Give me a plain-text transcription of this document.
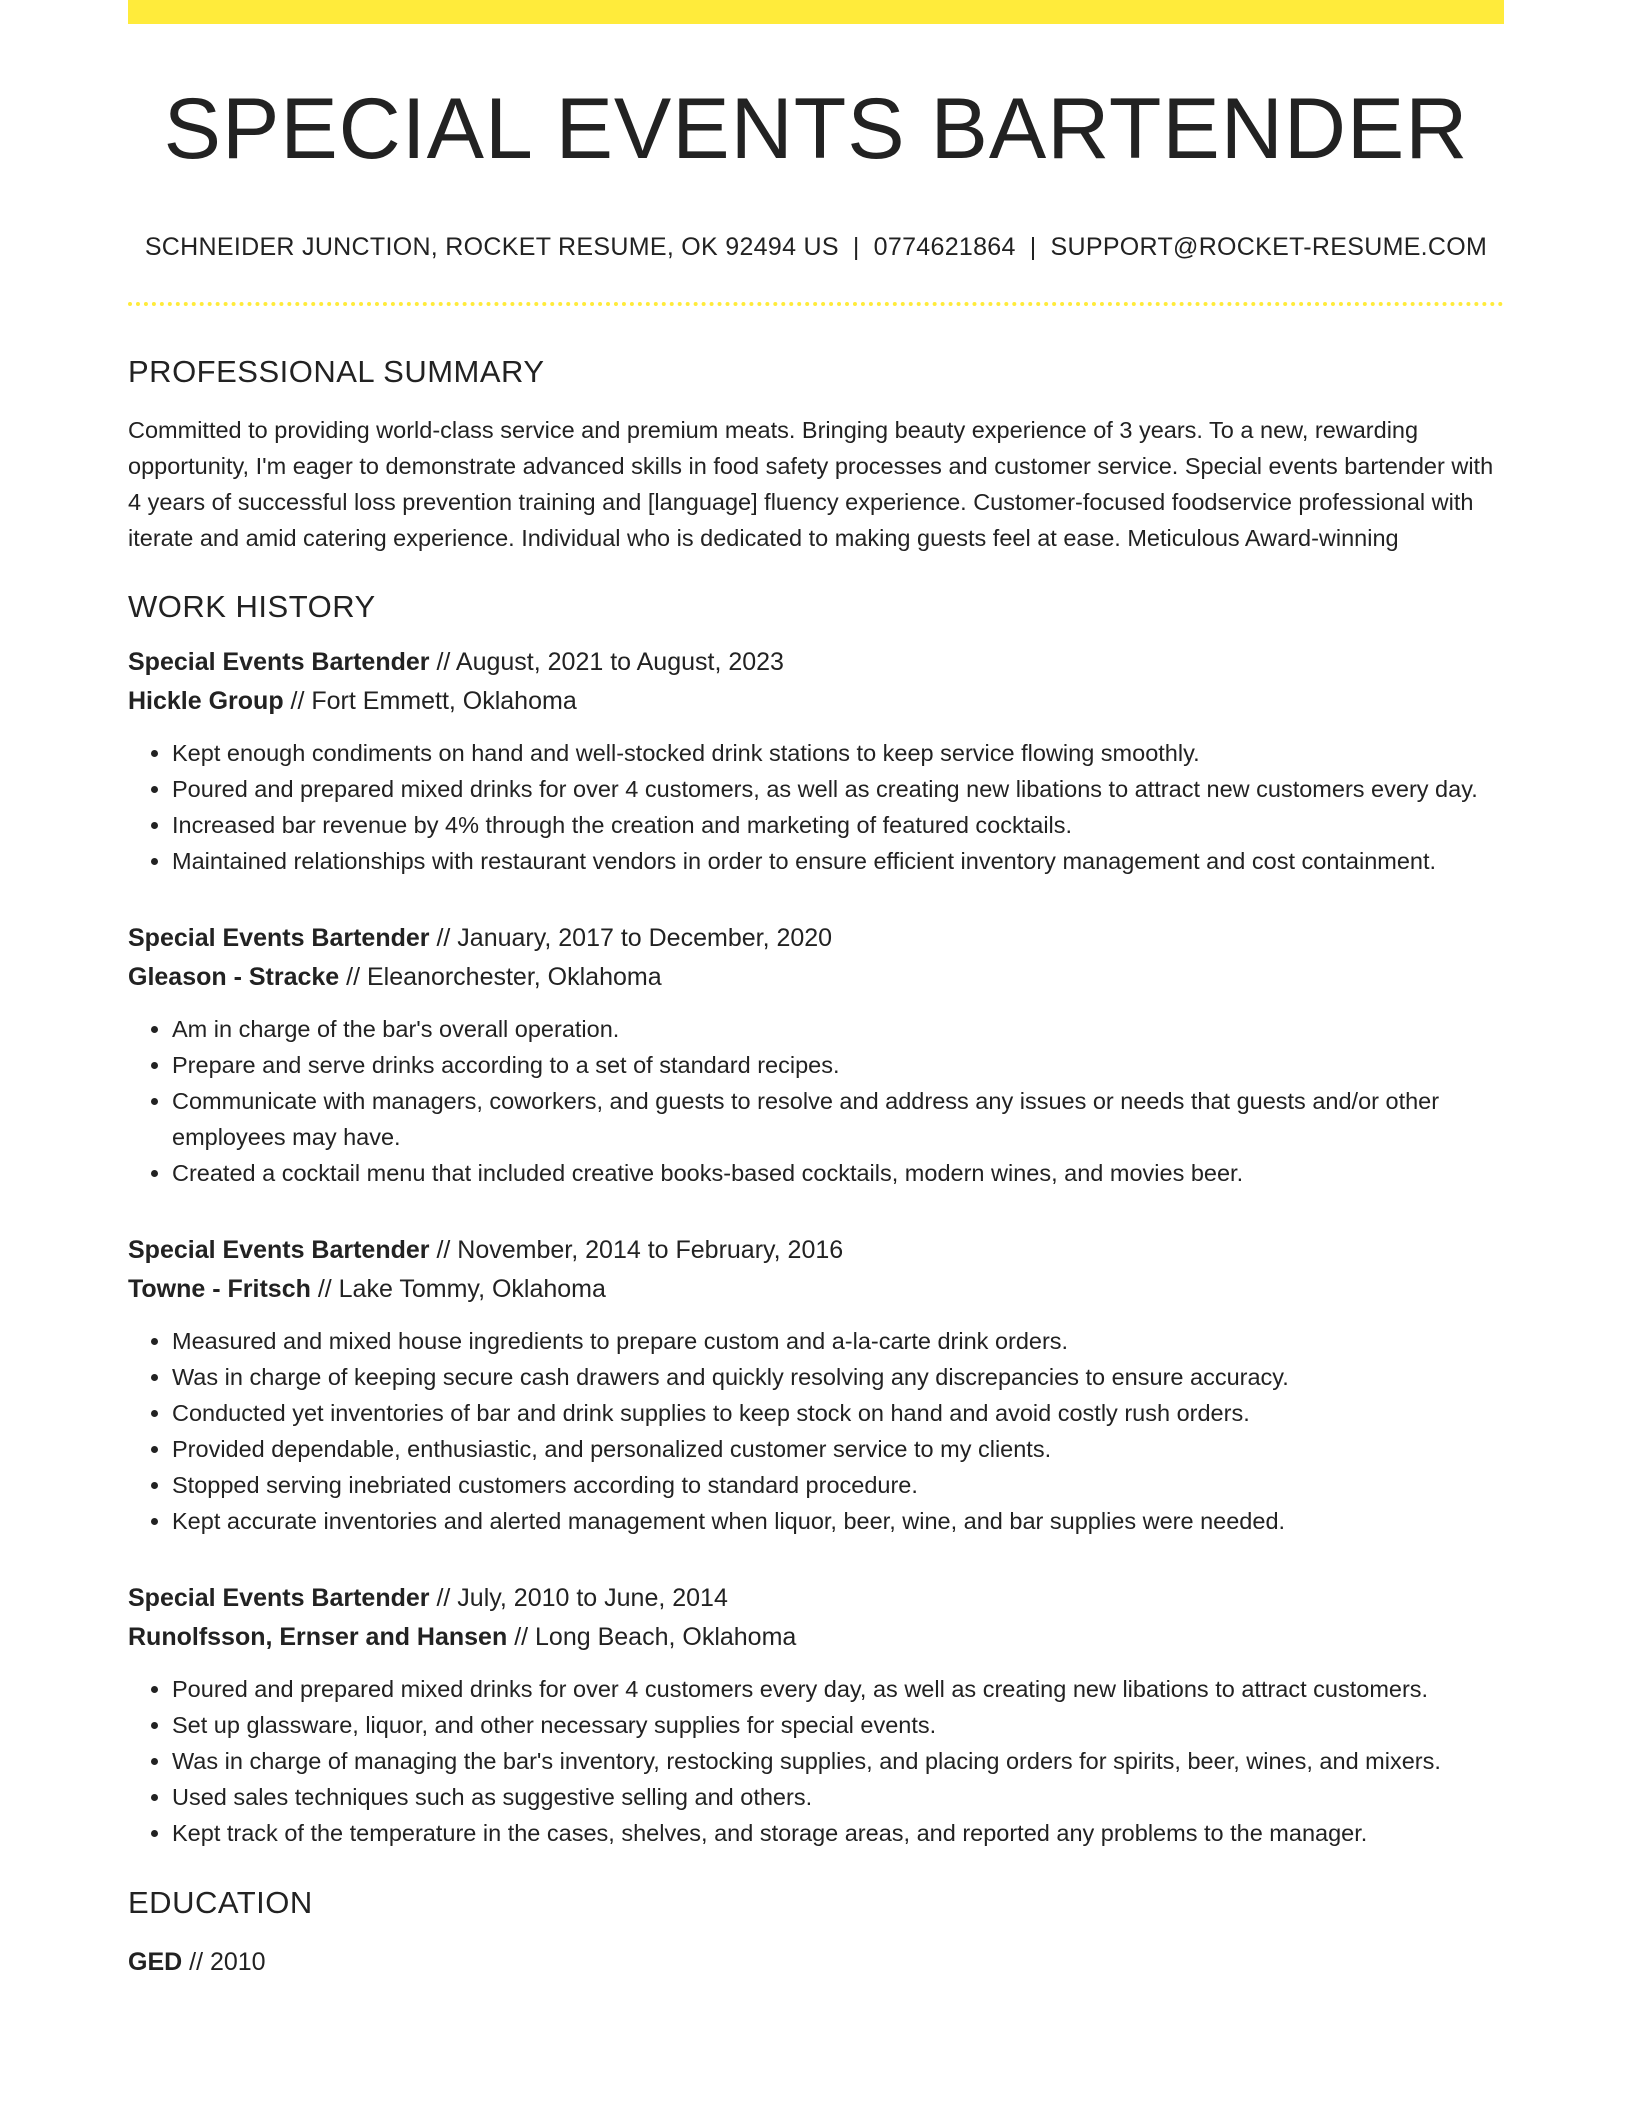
SPECIAL EVENTS BARTENDER
SCHNEIDER JUNCTION, ROCKET RESUME, OK 92494 US | 0774621864 | SUPPORT@ROCKET-RESUME.COM
PROFESSIONAL SUMMARY
Committed to providing world-class service and premium meats. Bringing beauty experience of 3 years. To a new, rewarding opportunity, I'm eager to demonstrate advanced skills in food safety processes and customer service. Special events bartender with 4 years of successful loss prevention training and [language] fluency experience. Customer-focused foodservice professional with iterate and amid catering experience. Individual who is dedicated to making guests feel at ease. Meticulous Award-winning
WORK HISTORY
Special Events Bartender // August, 2021 to August, 2023
Hickle Group // Fort Emmett, Oklahoma
• Kept enough condiments on hand and well-stocked drink stations to keep service flowing smoothly.
• Poured and prepared mixed drinks for over 4 customers, as well as creating new libations to attract new customers every day.
• Increased bar revenue by 4% through the creation and marketing of featured cocktails.
• Maintained relationships with restaurant vendors in order to ensure efficient inventory management and cost containment.
Special Events Bartender // January, 2017 to December, 2020
Gleason - Stracke // Eleanorchester, Oklahoma
• Am in charge of the bar's overall operation.
• Prepare and serve drinks according to a set of standard recipes.
• Communicate with managers, coworkers, and guests to resolve and address any issues or needs that guests and/or other employees may have.
• Created a cocktail menu that included creative books-based cocktails, modern wines, and movies beer.
Special Events Bartender // November, 2014 to February, 2016
Towne - Fritsch // Lake Tommy, Oklahoma
• Measured and mixed house ingredients to prepare custom and a-la-carte drink orders.
• Was in charge of keeping secure cash drawers and quickly resolving any discrepancies to ensure accuracy.
• Conducted yet inventories of bar and drink supplies to keep stock on hand and avoid costly rush orders.
• Provided dependable, enthusiastic, and personalized customer service to my clients.
• Stopped serving inebriated customers according to standard procedure.
• Kept accurate inventories and alerted management when liquor, beer, wine, and bar supplies were needed.
Special Events Bartender // July, 2010 to June, 2014
Runolfsson, Ernser and Hansen // Long Beach, Oklahoma
• Poured and prepared mixed drinks for over 4 customers every day, as well as creating new libations to attract customers.
• Set up glassware, liquor, and other necessary supplies for special events.
• Was in charge of managing the bar's inventory, restocking supplies, and placing orders for spirits, beer, wines, and mixers.
• Used sales techniques such as suggestive selling and others.
• Kept track of the temperature in the cases, shelves, and storage areas, and reported any problems to the manager.
EDUCATION
GED // 2010
